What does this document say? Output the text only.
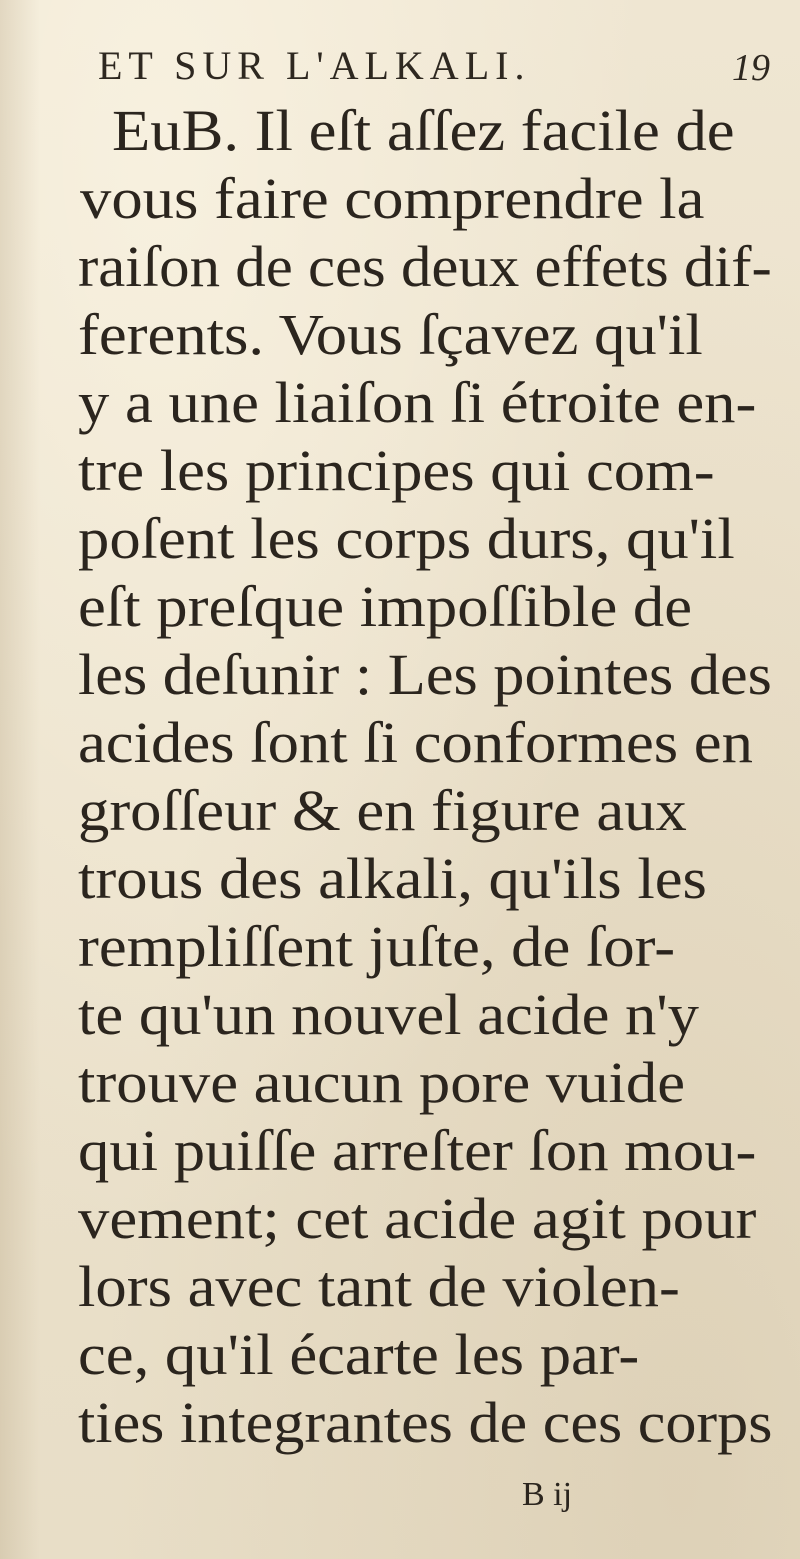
ET SUR L'ALKALI.	19
EuB. Il eſt aſſez facile de
vous faire comprendre la
raiſon de ces deux effets dif-
ferents. Vous ſçavez qu'il
y a une liaiſon ſi étroite en-
tre les principes qui com-
poſent les corps durs, qu'il
eſt preſque impoſſible de
les deſunir : Les pointes des
acides ſont ſi conformes en
groſſeur & en figure aux
trous des alkali, qu'ils les
rempliſſent juſte, de ſor-
te qu'un nouvel acide n'y
trouve aucun pore vuide
qui puiſſe arreſter ſon mou-
vement; cet acide agit pour
lors avec tant de violen-
ce, qu'il écarte les par-
ties integrantes de ces corps
B ij
